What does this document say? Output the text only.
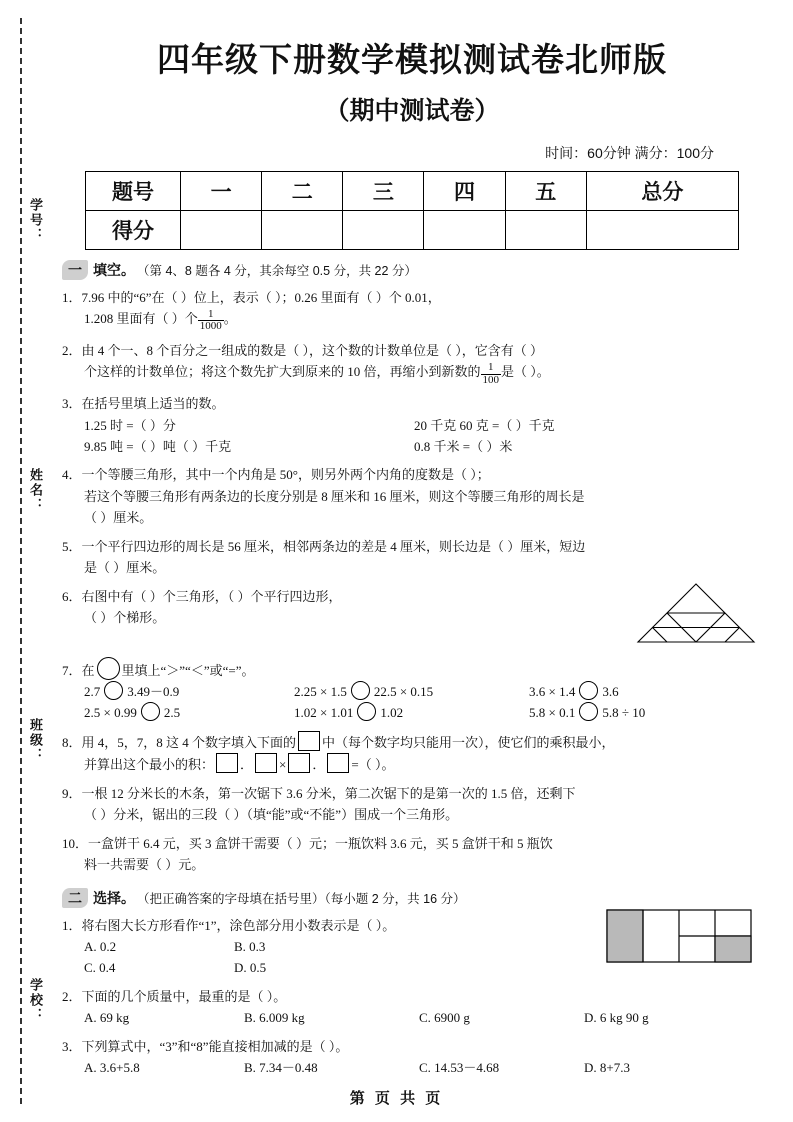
学号：
姓名：
班级：
学校：
四年级下册数学模拟测试卷北师版
（期中测试卷）
时间：60分钟 满分：100分
题号	一	二	三	四	五	总分
得分						
一 填空。 （第 4、8 题各 4 分，其余每空 0.5 分，共 22 分）
1．7.96 中的“6”在（ ）位上，表示（ ）；0.26 里面有（ ）个 0.01，
1.208 里面有（ ）个 $\frac{1}{1000}$ 。
2．由 4 个一、8 个百分之一组成的数是（ ），这个数的计数单位是（ ），它含有（ ）
个这样的计数单位；将这个数先扩大到原来的 10 倍，再缩小到新数的 $\frac{1}{100}$ 是（ ）。
3．在括号里填上适当的数。
1.25 时 =（ ）分	20 千克 60 克 =（ ）千克
9.85 吨 =（ ）吨（ ）千克	0.8 千米 =（ ）米
4．一个等腰三角形，其中一个内角是 50°，则另外两个内角的度数是（ ）；
若这个等腰三角形有两条边的长度分别是 8 厘米和 16 厘米，则这个等腰三角形的周长是
（ ）厘米。
5．一个平行四边形的周长是 56 厘米，相邻两条边的差是 4 厘米，则长边是（ ）厘米，短边
是（ ）厘米。
6．右图中有（ ）个三角形，（ ）个平行四边形，
（ ）个梯形。
7．在 里填上“＞”“＜”或“=”。
2.7 3.49－0.9	2.25 × 1.5 22.5 × 0.15	3.6 × 1.4 3.6
2.5 × 0.99 2.5	1.02 × 1.01 1.02	5.8 × 0.1 5.8 ÷ 10
8．用 4，5，7，8 这 4 个数字填入下面的 中（每个数字均只能用一次），使它们的乘积最小，
并算出这个最小的积： ． × ． =（ ）。
9．一根 12 分米长的木条，第一次锯下 3.6 分米，第二次锯下的是第一次的 1.5 倍，还剩下
（ ）分米，锯出的三段（ ）（填“能”或“不能”）围成一个三角形。
10．一盒饼干 6.4 元，买 3 盒饼干需要（ ）元；一瓶饮料 3.6 元，买 5 盒饼干和 5 瓶饮
料一共需要（ ）元。
二 选择。 （把正确答案的字母填在括号里）（每小题 2 分，共 16 分）
1．将右图大长方形看作“1”，涂色部分用小数表示是（ ）。
A. 0.2	B. 0.3
C. 0.4	D. 0.5
2．下面的几个质量中，最重的是（ ）。
A. 69 kg	B. 6.009 kg	C. 6900 g	D. 6 kg 90 g
3．下列算式中，“3”和“8”能直接相加减的是（ ）。
A. 3.6+5.8	B. 7.34－0.48	C. 14.53－4.68	D. 8+7.3
第 页 共 页
